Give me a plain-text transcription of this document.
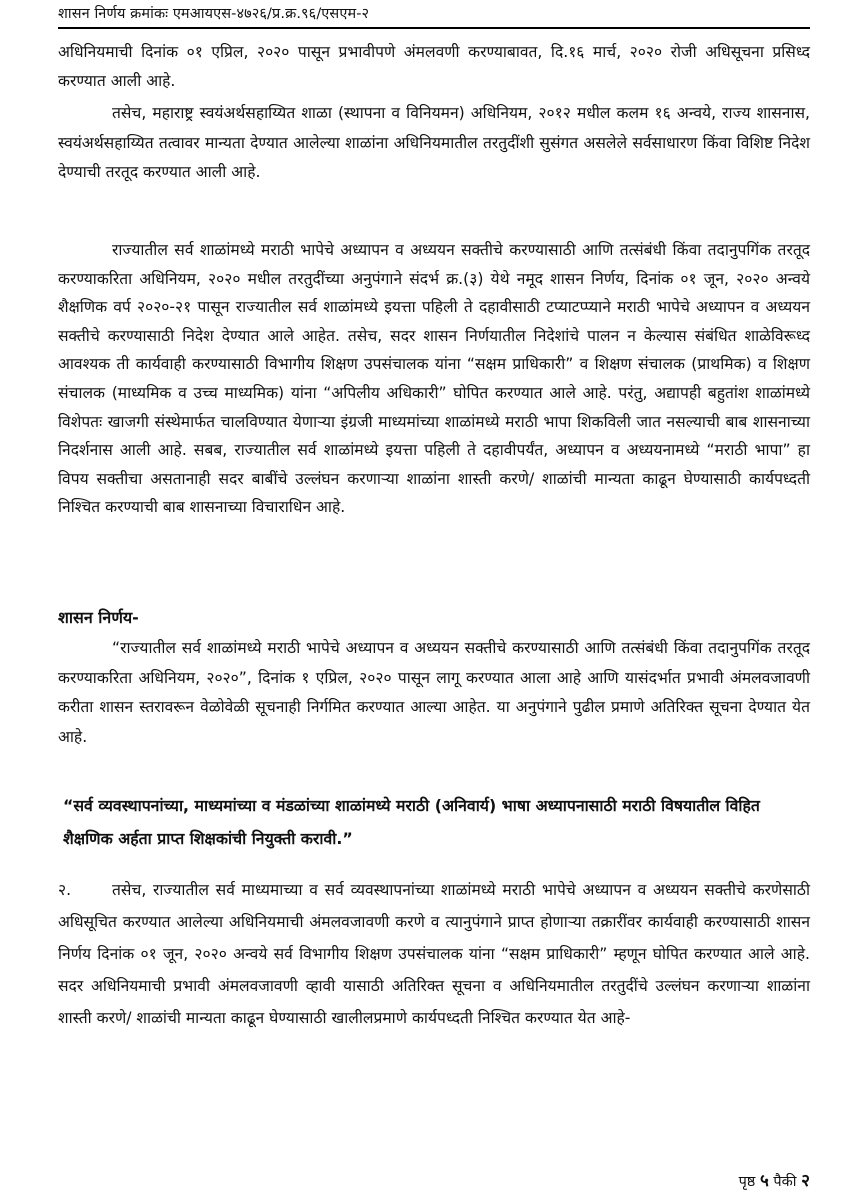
शासन निर्णय क्रमांकः एमआयएस-४७२६/प्र.क्र.९६/एसएम-२

अधिनियमाची दिनांक ०१ एप्रिल, २०२० पासून प्रभावीपणे अंमलवणी करण्याबावत, दि.१६ मार्च, २०२० रोजी अधिसूचना प्रसिध्द करण्यात आली आहे.

तसेच, महाराष्ट्र स्वयंअर्थसहाय्यित शाळा (स्थापना व विनियमन) अधिनियम, २०१२ मधील कलम १६ अन्वये, राज्य शासनास, स्वयंअर्थसहाय्यित तत्वावर मान्यता देण्यात आलेल्या शाळांना अधिनियमातील तरतुदींशी सुसंगत असलेले सर्वसाधारण किंवा विशिष्ट निदेश देण्याची तरतूद करण्यात आली आहे.

राज्यातील सर्व शाळांमध्ये मराठी भापेचे अध्यापन व अध्ययन सक्तीचे करण्यासाठी आणि तत्संबंधी किंवा तदानुपगिंक तरतूद करण्याकरिता अधिनियम, २०२० मधील तरतुदींच्या अनुपंगाने संदर्भ क्र.(३) येथे नमूद शासन निर्णय, दिनांक ०१ जून, २०२० अन्वये शैक्षणिक वर्प २०२०-२१ पासून राज्यातील सर्व शाळांमध्ये इयत्ता पहिली ते दहावीसाठी टप्याटप्प्याने मराठी भापेचे अध्यापन व अध्ययन सक्तीचे करण्यासाठी निदेश देण्यात आले आहेत. तसेच, सदर शासन निर्णयातील निदेशांचे पालन न केल्यास संबंधित शाळेविरूध्द आवश्यक ती कार्यवाही करण्यासाठी विभागीय शिक्षण उपसंचालक यांना “सक्षम प्राधिकारी” व शिक्षण संचालक (प्राथमिक) व शिक्षण संचालक (माध्यमिक व उच्च माध्यमिक) यांना “अपिलीय अधिकारी” घोपित करण्यात आले आहे. परंतु, अद्यापही बहुतांश शाळांमध्ये विशेपतः खाजगी संस्थेमार्फत चालविण्यात येणाऱ्या इंग्रजी माध्यमांच्या शाळांमध्ये मराठी भापा शिकविली जात नसल्याची बाब शासनाच्या निदर्शनास आली आहे. सबब, राज्यातील सर्व शाळांमध्ये इयत्ता पहिली ते दहावीपर्यंत, अध्यापन व अध्ययनामध्ये “मराठी भापा” हा विपय सक्तीचा असतानाही सदर बाबींचे उल्लंघन करणाऱ्या शाळांना शास्ती करणे/ शाळांची मान्यता काढून घेण्यासाठी कार्यपध्दती निश्चित करण्याची बाब शासनाच्या विचाराधिन आहे.

शासन निर्णय-

“राज्यातील सर्व शाळांमध्ये मराठी भापेचे अध्यापन व अध्ययन सक्तीचे करण्यासाठी आणि तत्संबंधी किंवा तदानुपगिंक तरतूद करण्याकरिता अधिनियम, २०२०”, दिनांक १ एप्रिल, २०२० पासून लागू करण्यात आला आहे आणि यासंदर्भात प्रभावी अंमलवजावणी करीता शासन स्तरावरून वेळोवेळी सूचनाही निर्गमित करण्यात आल्या आहेत. या अनुपंगाने पुढील प्रमाणे अतिरिक्त सूचना देण्यात येत आहे.

“सर्व व्यवस्थापनांच्या, माध्यमांच्या व मंडळांच्या शाळांमध्ये मराठी (अनिवार्य) भाषा अध्यापनासाठी मराठी विषयातील विहित शैक्षणिक अर्हता प्राप्त शिक्षकांची नियुक्ती करावी.”

२.	तसेच, राज्यातील सर्व माध्यमाच्या व सर्व व्यवस्थापनांच्या शाळांमध्ये मराठी भापेचे अध्यापन व अध्ययन सक्तीचे करणेसाठी अधिसूचित करण्यात आलेल्या अधिनियमाची अंमलवजावणी करणे व त्यानुपंगाने प्राप्त होणाऱ्या तक्रारींवर कार्यवाही करण्यासाठी शासन निर्णय दिनांक ०१ जून, २०२० अन्वये सर्व विभागीय शिक्षण उपसंचालक यांना “सक्षम प्राधिकारी” म्हणून घोपित करण्यात आले आहे. सदर अधिनियमाची प्रभावी अंमलवजावणी व्हावी यासाठी अतिरिक्त सूचना व अधिनियमातील तरतुदींचे उल्लंघन करणाऱ्या शाळांना शास्ती करणे/ शाळांची मान्यता काढून घेण्यासाठी खालीलप्रमाणे कार्यपध्दती निश्चित करण्यात येत आहे-

पृष्ठ ५ पैकी २
